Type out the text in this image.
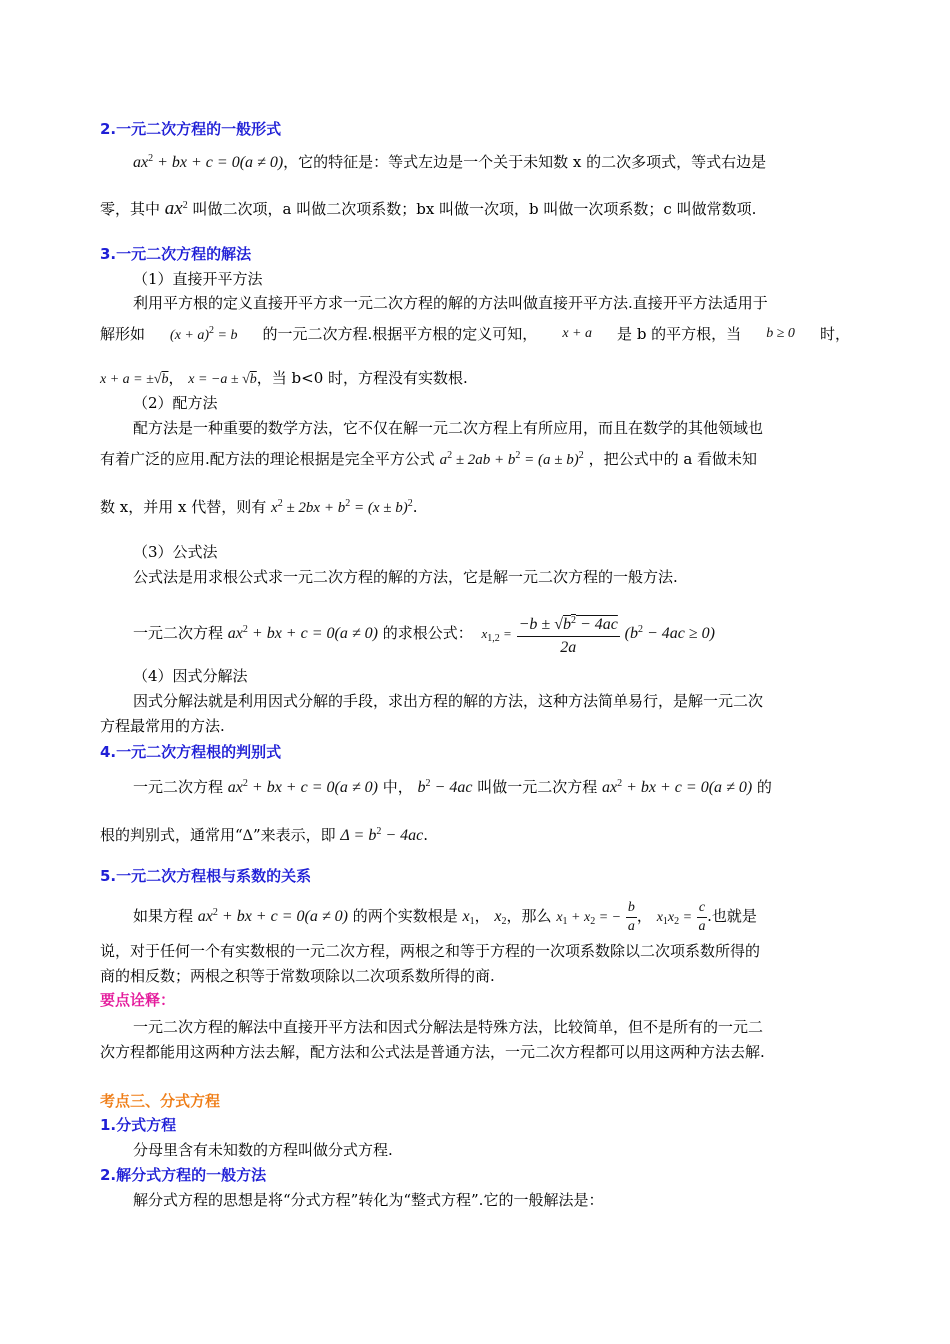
2.一元二次方程的一般形式
$ax^2$ + bx + c = 0(a ≠ 0)，它的特征是：等式左边是一个关于未知数 x 的二次多项式，等式右边是
零，其中 $ax^2$ 叫做二次项，a 叫做二次项系数；bx 叫做一次项，b 叫做一次项系数；c 叫做常数项.
3.一元二次方程的解法
（1）直接开平方法
利用平方根的定义直接开平方求一元二次方程的解的方法叫做直接开平方法.直接开平方法适用于
解形如 $(x + a)^2 = b$ 的一元二次方程.根据平方根的定义可知， x + a 是 b 的平方根，当 b ≥ 0 时，
x + a = ±√b， x = −a ± √b，当 b<0 时，方程没有实数根.
（2）配方法
配方法是一种重要的数学方法，它不仅在解一元二次方程上有所应用，而且在数学的其他领域也
有着广泛的应用.配方法的理论根据是完全平方公式 $a^2 \pm 2ab + b^2 = (a \pm b)^2$ ，把公式中的 a 看做未知
数 x，并用 x 代替，则有 $x^2 \pm 2bx + b^2 = (x \pm b)^2$.
（3）公式法
公式法是用求根公式求一元二次方程的解的方法，它是解一元二次方程的一般方法.
一元二次方程 $ax^2$ + bx + c = 0(a ≠ 0) 的求根公式： $x_{1,2} = \frac{-b \pm √b^2 - 4ac}{2a} (b^2 - 4ac \ge 0)$
（4）因式分解法
因式分解法就是利用因式分解的手段，求出方程的解的方法，这种方法简单易行，是解一元二次
方程最常用的方法.
4.一元二次方程根的判别式
一元二次方程 $ax^2$ + bx + c = 0(a ≠ 0) 中， $b^2 - 4ac$ 叫做一元二次方程 $ax^2$ + bx + c = 0(a ≠ 0) 的
根的判别式，通常用“Δ”来表示，即 $\Delta = b^2 - 4ac$.
5.一元二次方程根与系数的关系
如果方程 $ax^2$ + bx + c = 0(a ≠ 0) 的两个实数根是 $x_1$， $x_2$，那么 $x_1 + x_2$ = − $\frac{b}{a}$ ， $x_1x_2 = \frac{c}{a}$ .也就是
说，对于任何一个有实数根的一元二次方程，两根之和等于方程的一次项系数除以二次项系数所得的
商的相反数；两根之积等于常数项除以二次项系数所得的商.
要点诠释：
一元二次方程的解法中直接开平方法和因式分解法是特殊方法，比较简单，但不是所有的一元二
次方程都能用这两种方法去解，配方法和公式法是普通方法，一元二次方程都可以用这两种方法去解.
考点三、分式方程
1.分式方程
分母里含有未知数的方程叫做分式方程.
2.解分式方程的一般方法
解分式方程的思想是将“分式方程”转化为“整式方程”.它的一般解法是：
